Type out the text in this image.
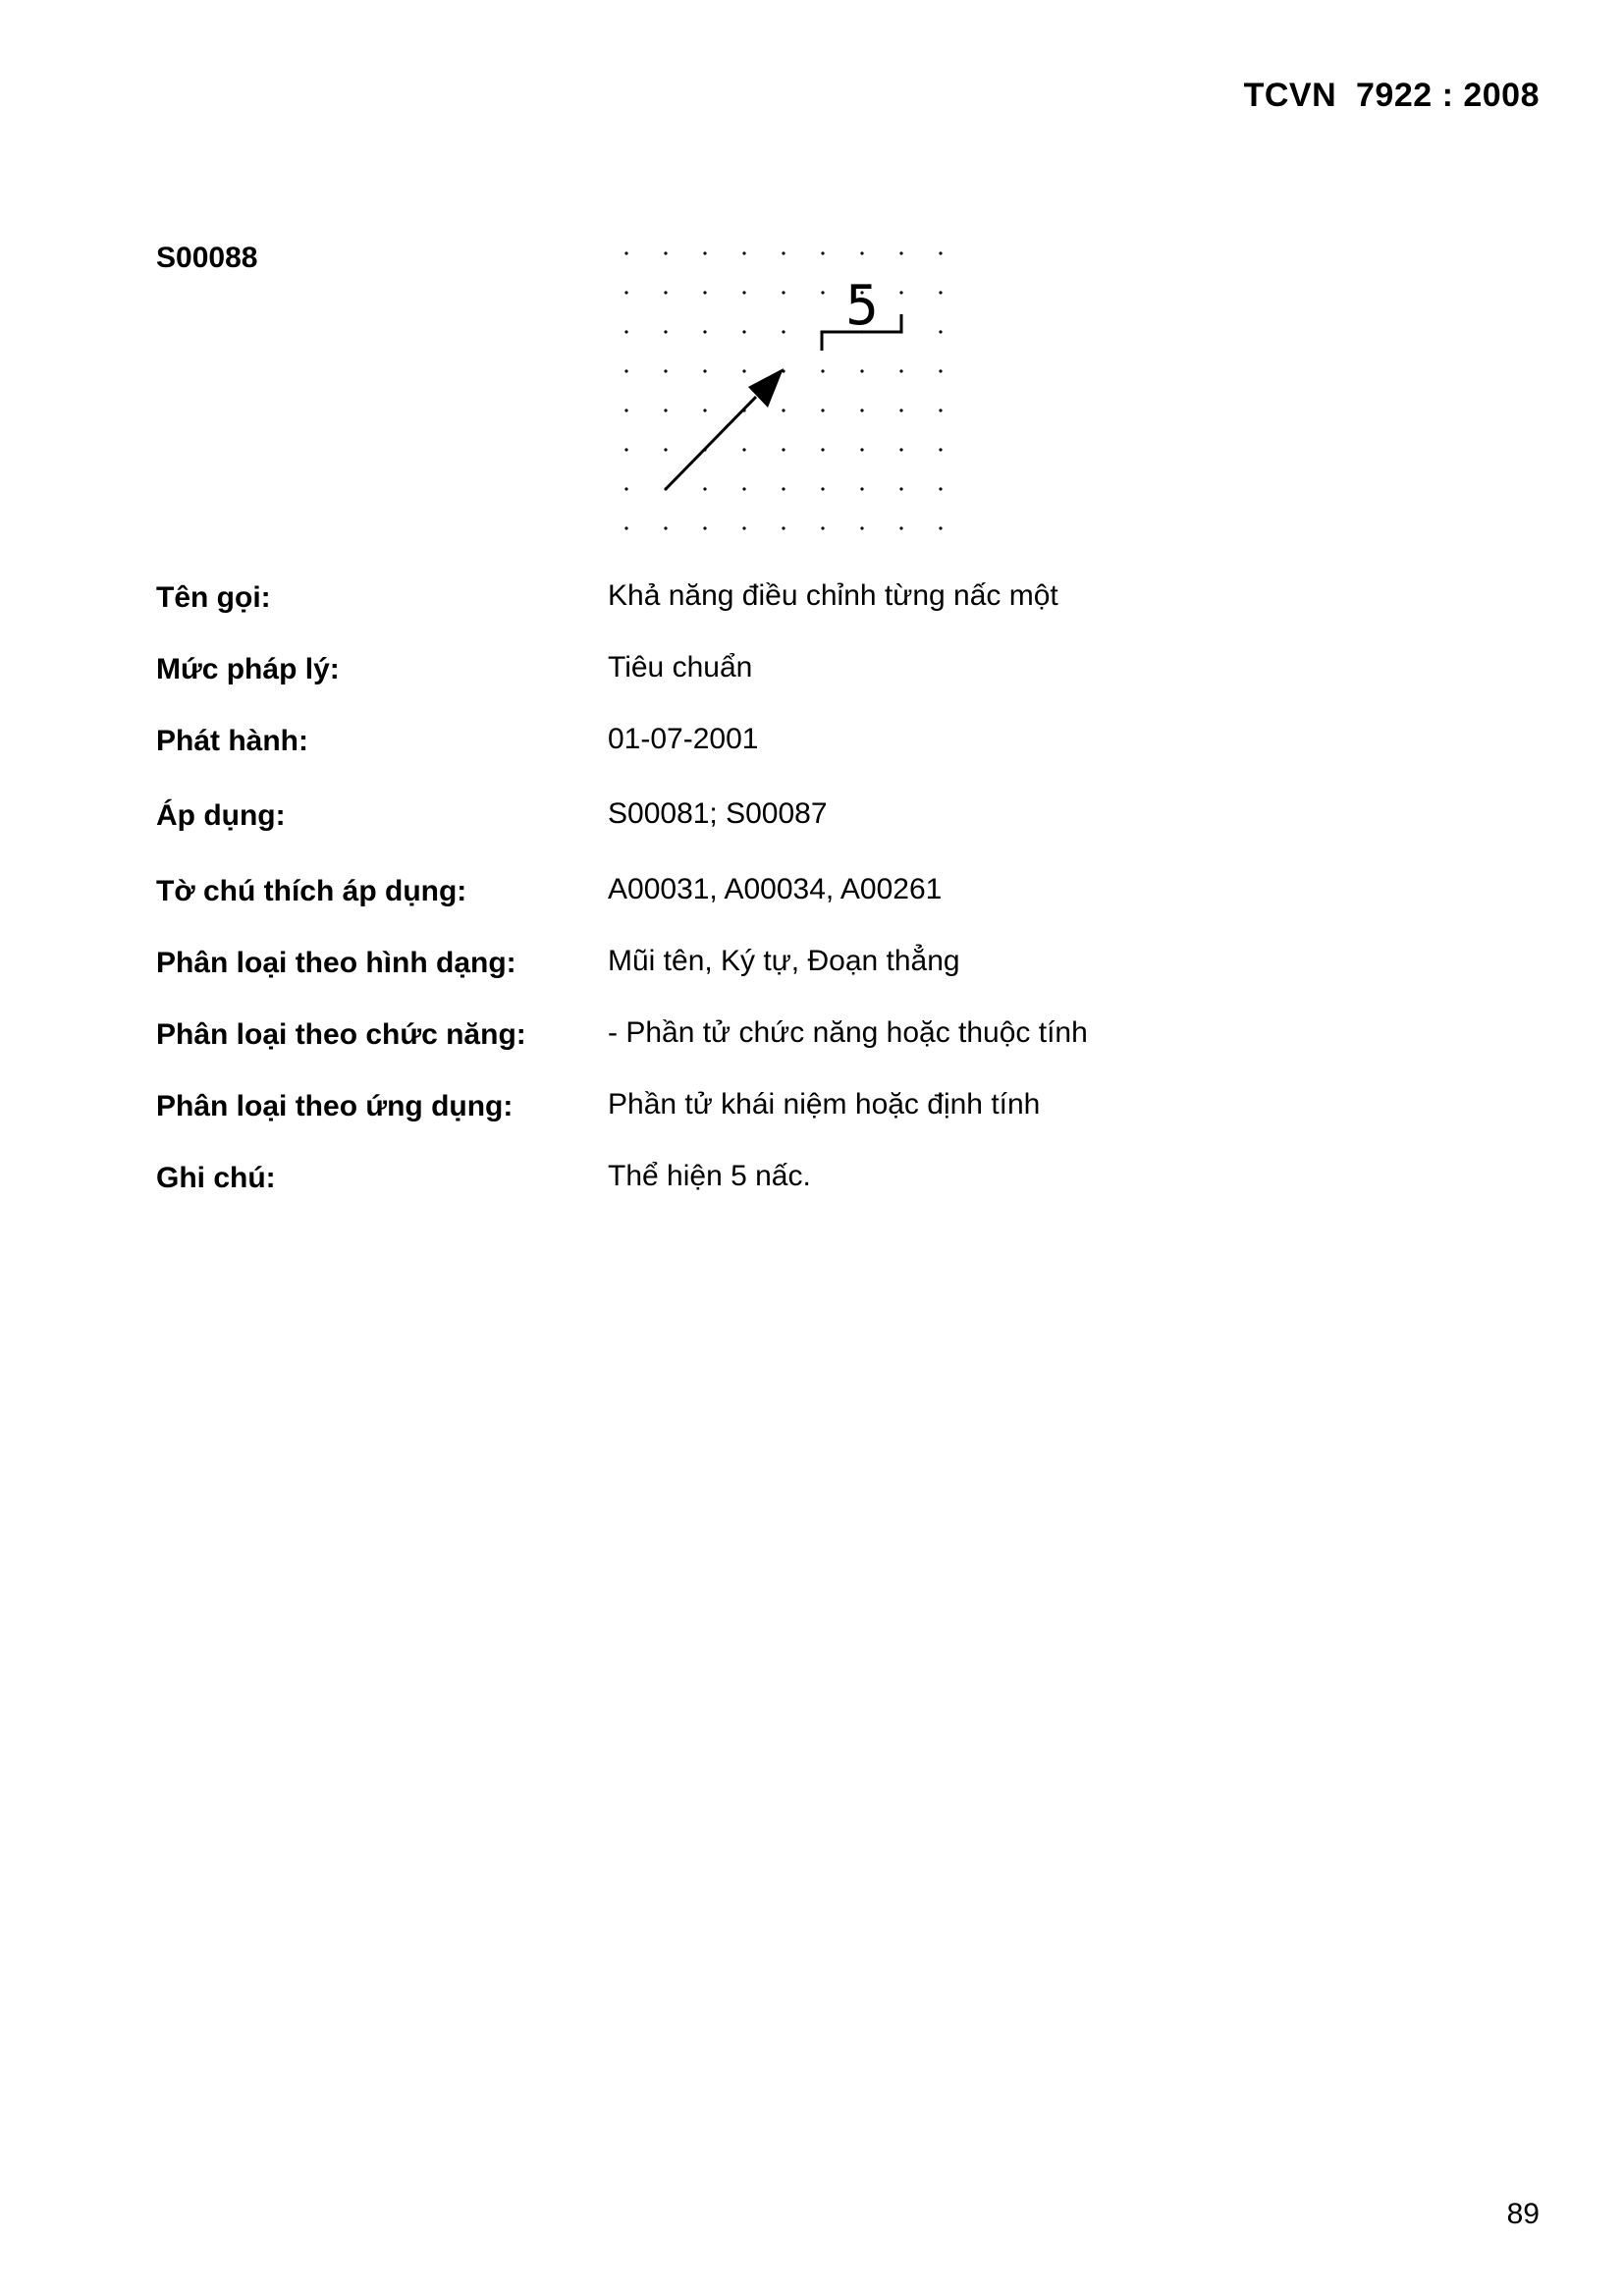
TCVN  7922 : 2008
S00088
5
Tên gọi:	Khả năng điều chỉnh từng nấc một
Mức pháp lý:	Tiêu chuẩn
Phát hành:	01-07-2001
Áp dụng:	S00081; S00087
Tờ chú thích áp dụng:	A00031, A00034, A00261
Phân loại theo hình dạng:	Mũi tên, Ký tự, Đoạn thẳng
Phân loại theo chức năng:	- Phần tử chức năng hoặc thuộc tính
Phân loại theo ứng dụng:	Phần tử khái niệm hoặc định tính
Ghi chú:	Thể hiện 5 nấc.
89
